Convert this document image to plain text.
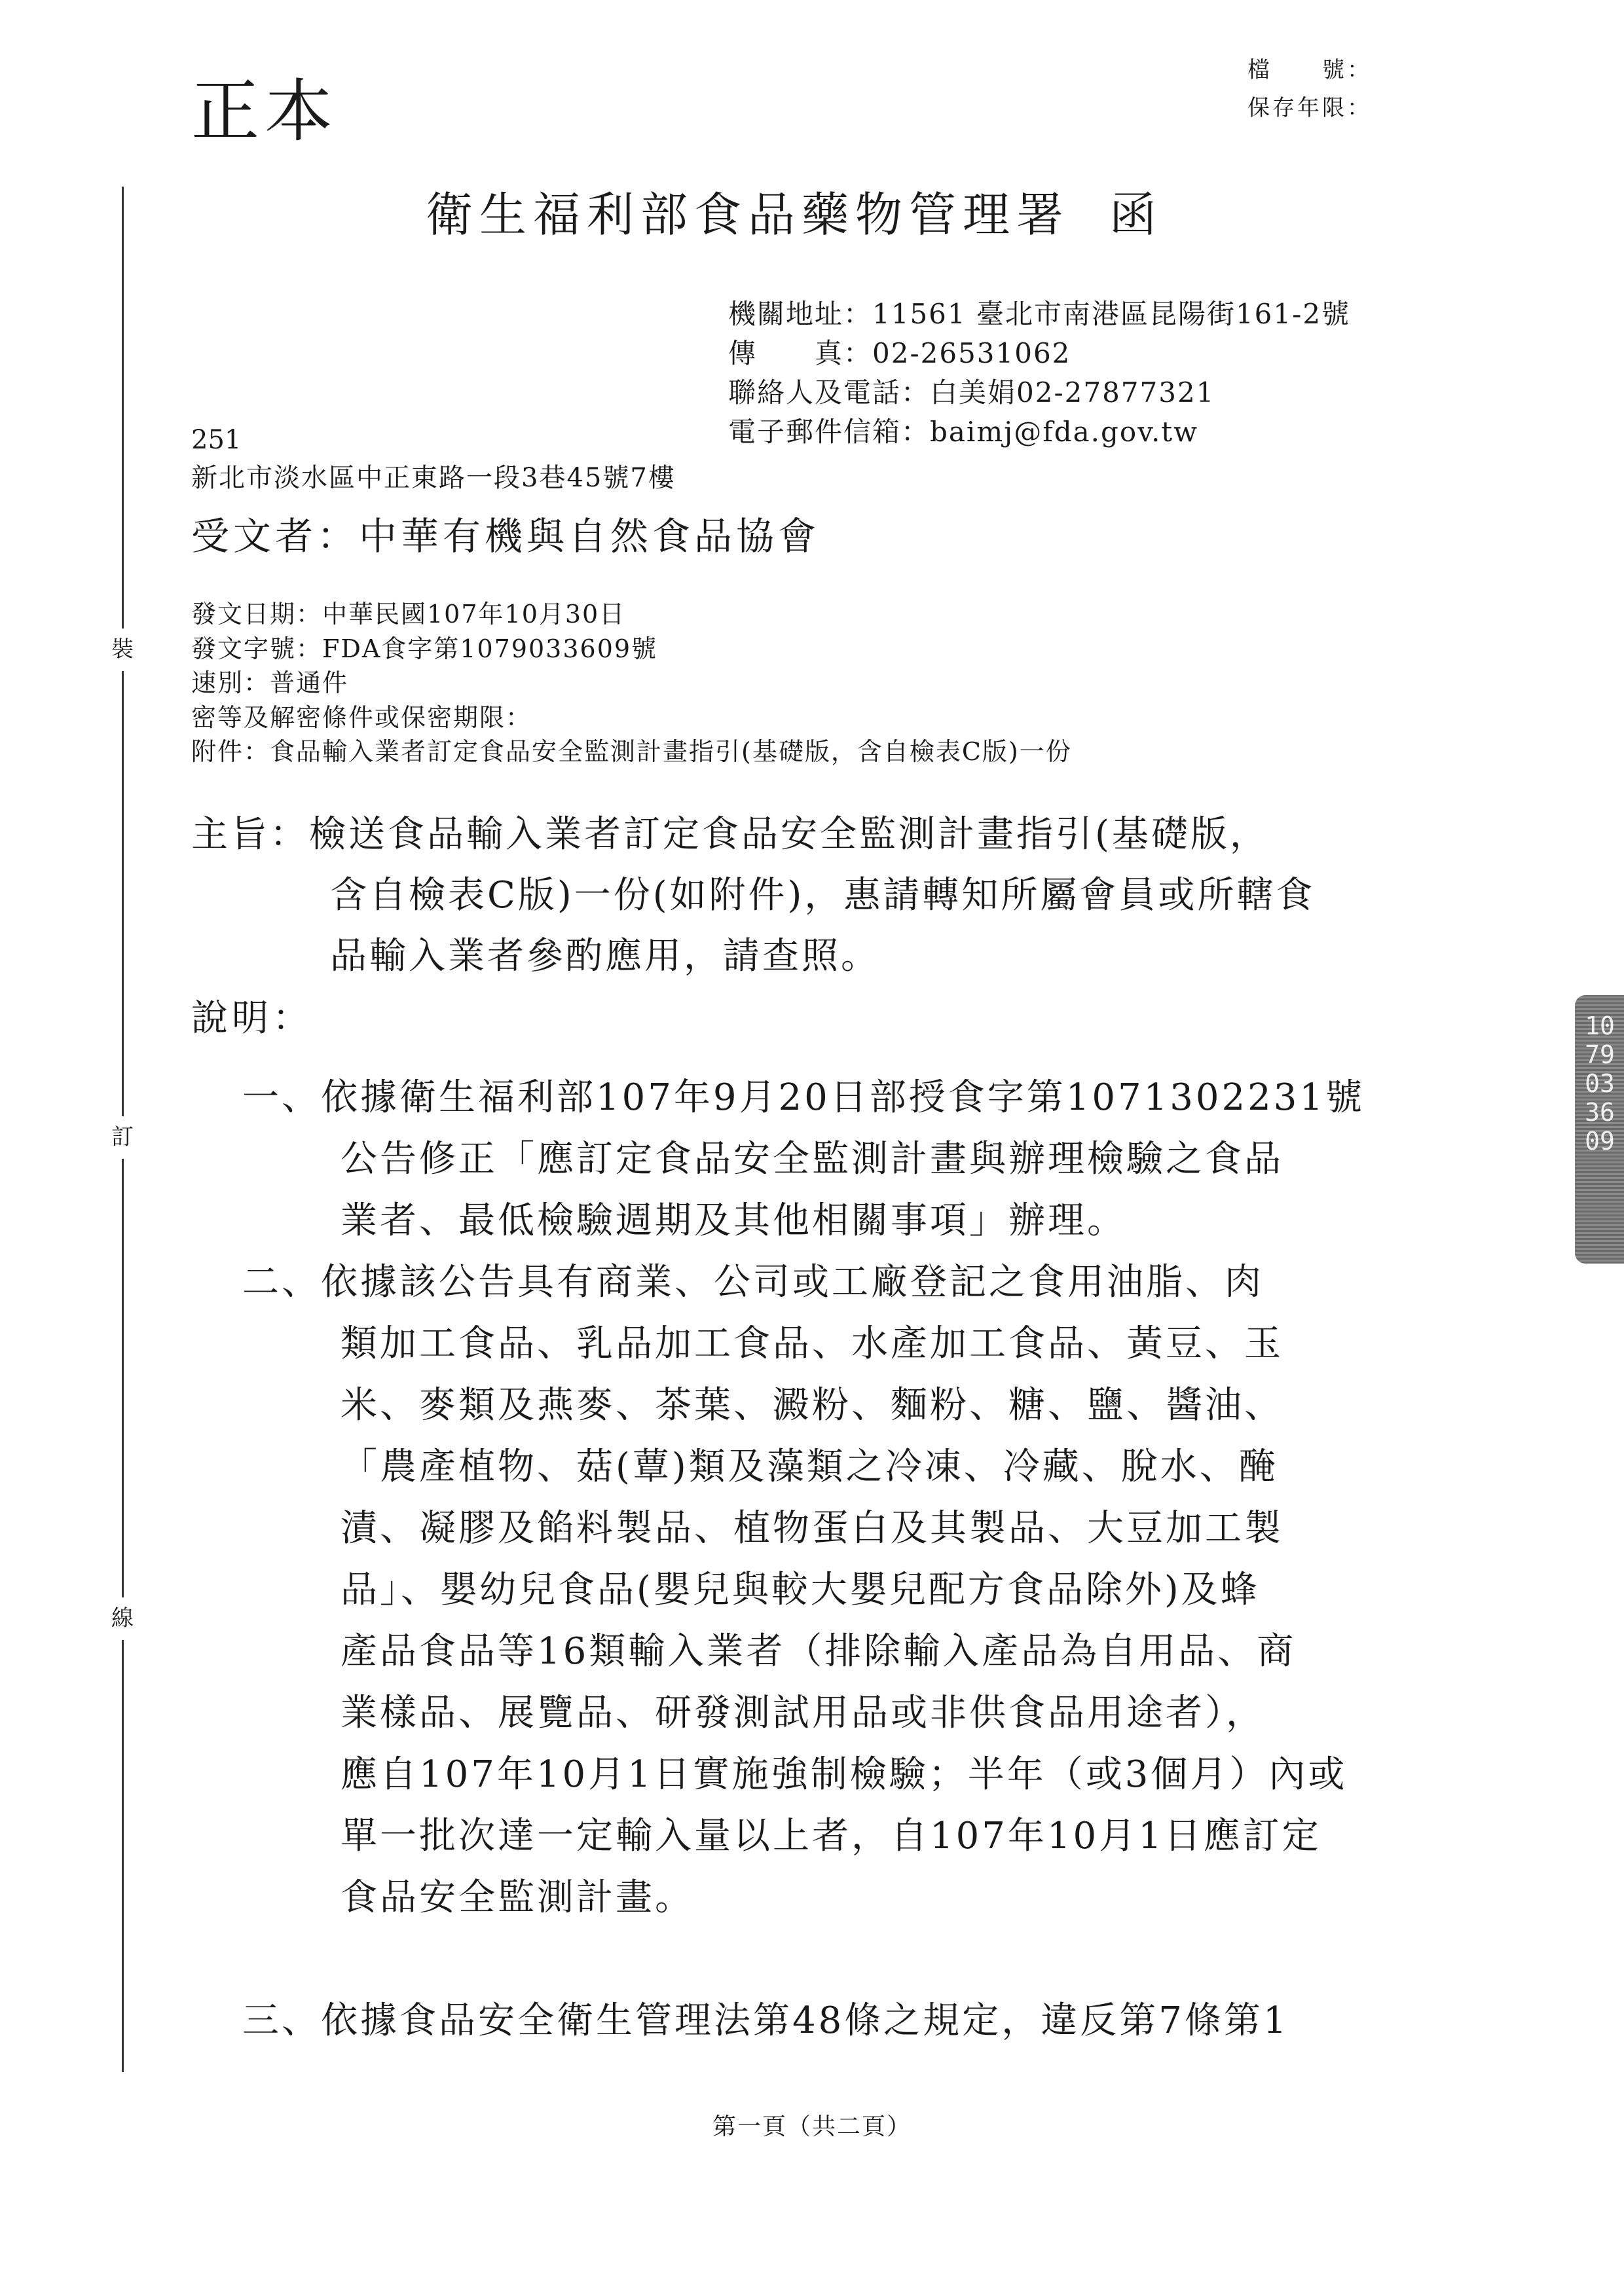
裝
訂
線
檔　　號：
保存年限：
正本
衛生福利部食品藥物管理署 函
機關地址：11561 臺北市南港區昆陽街161-2號
傳　　真：02-26531062
聯絡人及電話：白美娟02-27877321
電子郵件信箱：baimj@fda.gov.tw
251
新北市淡水區中正東路一段3巷45號7樓
受文者：中華有機與自然食品協會
發文日期：中華民國107年10月30日
發文字號：FDA食字第1079033609號
速別：普通件
密等及解密條件或保密期限：
附件：食品輸入業者訂定食品安全監測計畫指引(基礎版，含自檢表C版)一份
主旨：檢送食品輸入業者訂定食品安全監測計畫指引(基礎版，
含自檢表C版)一份(如附件)，惠請轉知所屬會員或所轄食
品輸入業者參酌應用，請查照。
說明：
一、依據衛生福利部107年9月20日部授食字第1071302231號
公告修正「應訂定食品安全監測計畫與辦理檢驗之食品
業者、最低檢驗週期及其他相關事項」辦理。
二、依據該公告具有商業、公司或工廠登記之食用油脂、肉
類加工食品、乳品加工食品、水產加工食品、黃豆、玉
米、麥類及燕麥、茶葉、澱粉、麵粉、糖、鹽、醬油、
「農產植物、菇(蕈)類及藻類之冷凍、冷藏、脫水、醃
漬、凝膠及餡料製品、植物蛋白及其製品、大豆加工製
品」、嬰幼兒食品(嬰兒與較大嬰兒配方食品除外)及蜂
產品食品等16類輸入業者（排除輸入產品為自用品、商
業樣品、展覽品、研發測試用品或非供食品用途者），
應自107年10月1日實施強制檢驗；半年（或3個月）內或
單一批次達一定輸入量以上者，自107年10月1日應訂定
食品安全監測計畫。
三、依據食品安全衛生管理法第48條之規定，違反第7條第1
1079033609
第一頁（共二頁）
